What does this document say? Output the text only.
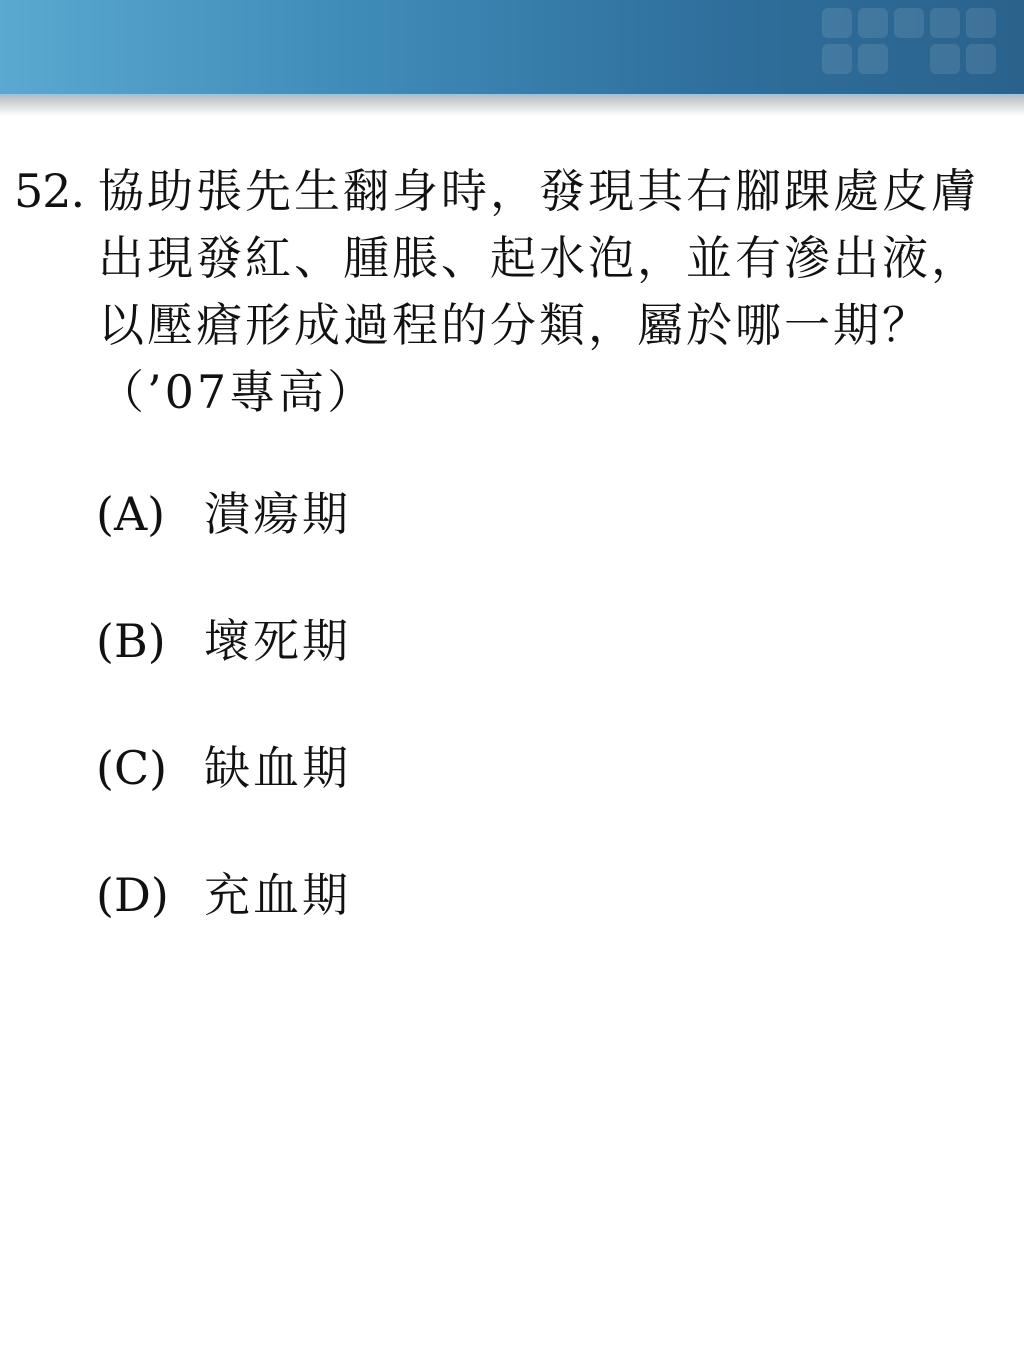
52. 協助張先生翻身時，發現其右腳踝處皮膚出現發紅、腫脹、起水泡，並有滲出液，以壓瘡形成過程的分類，屬於哪一期？（’07專高）
(A) 潰瘍期
(B) 壞死期
(C) 缺血期
(D) 充血期
